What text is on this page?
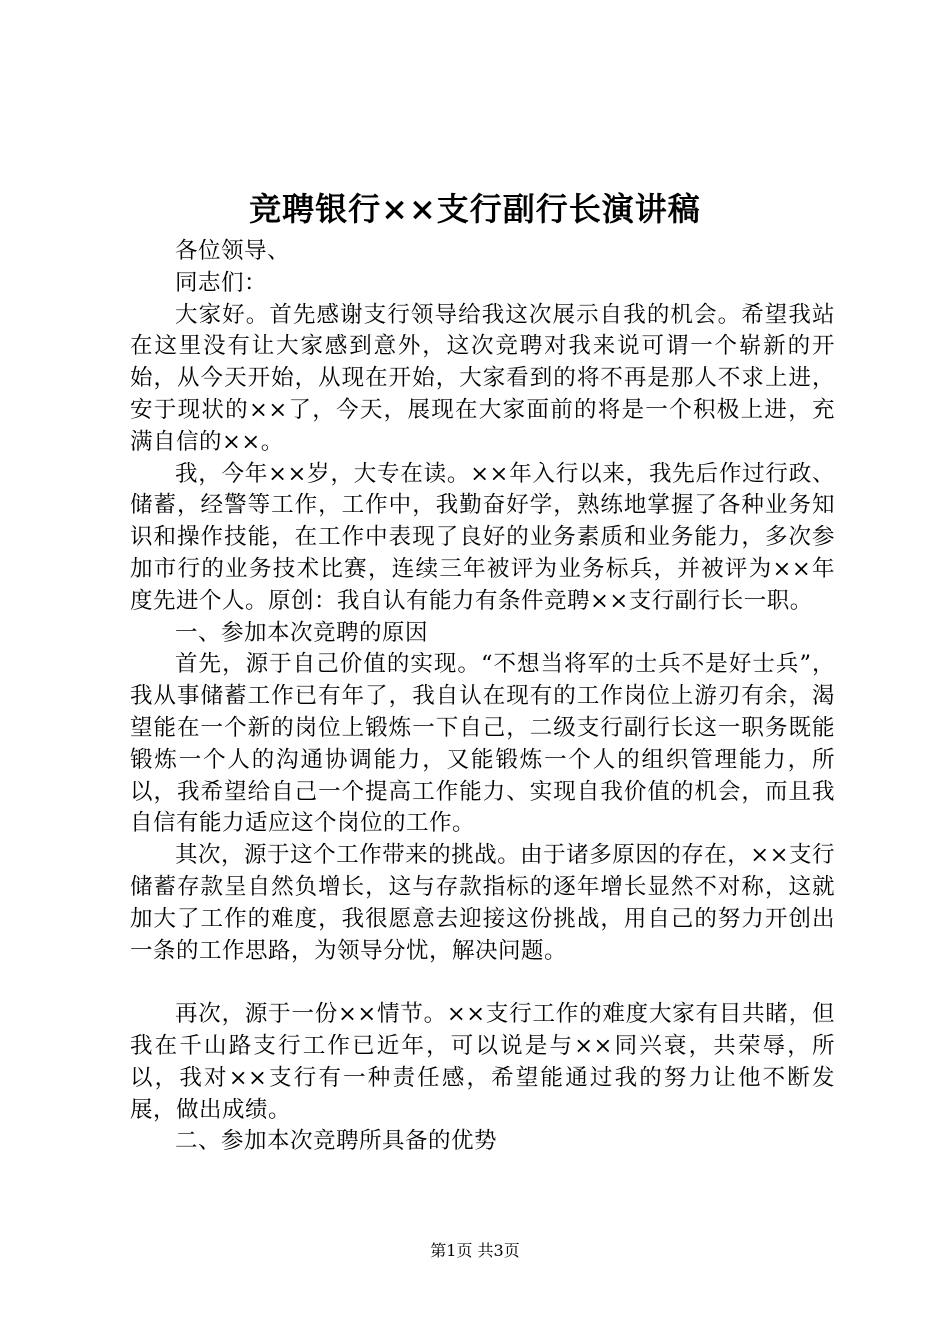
竞聘银行××支行副行长演讲稿

各位领导、

同志们：

大家好。首先感谢支行领导给我这次展示自我的机会。希望我站在这里没有让大家感到意外，这次竞聘对我来说可谓一个崭新的开始，从今天开始，从现在开始，大家看到的将不再是那人不求上进，安于现状的××了，今天，展现在大家面前的将是一个积极上进，充满自信的××。

我，今年××岁，大专在读。××年入行以来，我先后作过行政、储蓄，经警等工作，工作中，我勤奋好学，熟练地掌握了各种业务知识和操作技能，在工作中表现了良好的业务素质和业务能力，多次参加市行的业务技术比赛，连续三年被评为业务标兵，并被评为××年度先进个人。原创：我自认有能力有条件竞聘××支行副行长一职。

一、参加本次竞聘的原因

首先，源于自己价值的实现。“不想当将军的士兵不是好士兵”，我从事储蓄工作已有年了，我自认在现有的工作岗位上游刃有余，渴望能在一个新的岗位上锻炼一下自己，二级支行副行长这一职务既能锻炼一个人的沟通协调能力，又能锻炼一个人的组织管理能力，所以，我希望给自己一个提高工作能力、实现自我价值的机会，而且我自信有能力适应这个岗位的工作。

其次，源于这个工作带来的挑战。由于诸多原因的存在，××支行储蓄存款呈自然负增长，这与存款指标的逐年增长显然不对称，这就加大了工作的难度，我很愿意去迎接这份挑战，用自己的努力开创出一条的工作思路，为领导分忧，解决问题。

再次，源于一份××情节。××支行工作的难度大家有目共睹，但我在千山路支行工作已近年，可以说是与××同兴衰，共荣辱，所以，我对××支行有一种责任感，希望能通过我的努力让他不断发展，做出成绩。

二、参加本次竞聘所具备的优势

第1页 共3页
